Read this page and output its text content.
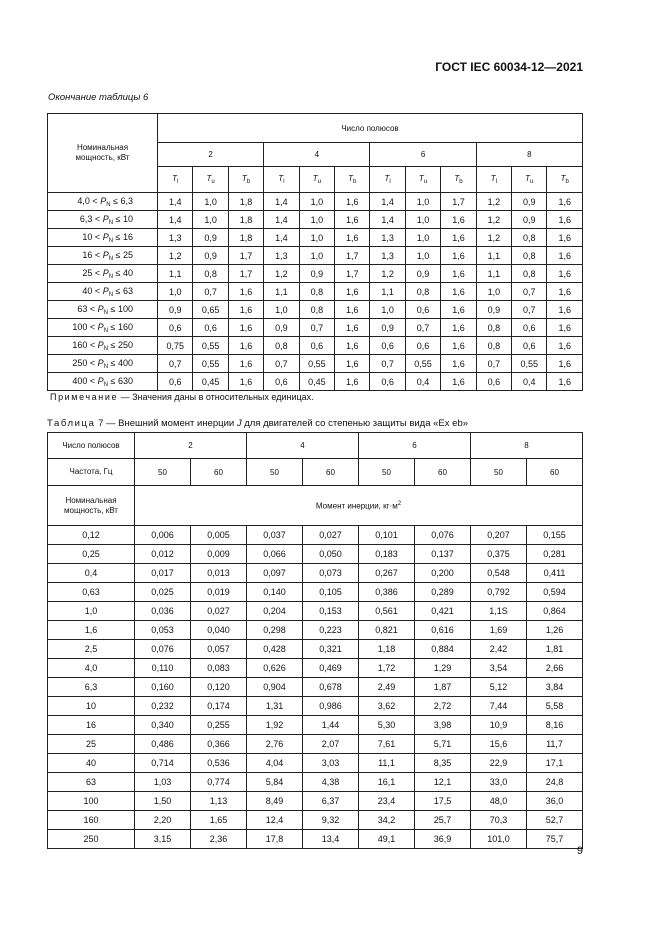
ГОСТ IEC 60034-12—2021
Окончание таблицы 6
Номинальная мощность, кВт	Число полюсов											
	2			4			6			8		
	$T_l$	$T_u$	$T_b$	$T_l$	$T_u$	$T_b$	$T_l$	$T_u$	$T_b$	$T_l$	$T_u$	$T_b$
$4,0 < P_N \le 6,3$	1,4	1,0	1,8	1,4	1,0	1,6	1,4	1,0	1,7	1,2	0,9	1,6
$6,3 < P_N \le 10$	1,4	1,0	1,8	1,4	1,0	1,6	1,4	1,0	1,6	1,2	0,9	1,6
$10 < P_N \le 16$	1,3	0,9	1,8	1,4	1,0	1,6	1,3	1,0	1,6	1,2	0,8	1,6
$16 < P_N \le 25$	1,2	0,9	1,7	1,3	1,0	1,7	1,3	1,0	1,6	1,1	0,8	1,6
$25 < P_N \le 40$	1,1	0,8	1,7	1,2	0,9	1,7	1,2	0,9	1,6	1,1	0,8	1,6
$40 < P_N \le 63$	1,0	0,7	1,6	1,1	0,8	1,6	1,1	0,8	1,6	1,0	0,7	1,6
$63 < P_N \le 100$	0,9	0,65	1,6	1,0	0,8	1,6	1,0	0,6	1,6	0,9	0,7	1,6
$100 < P_N \le 160$	0,6	0,6	1,6	0,9	0,7	1,6	0,9	0,7	1,6	0,8	0,6	1,6
$160 < P_N \le 250$	0,75	0,55	1,6	0,8	0,6	1,6	0,6	0,6	1,6	0,8	0,6	1,6
$250 < P_N \le 400$	0,7	0,55	1,6	0,7	0,55	1,6	0,7	0,55	1,6	0,7	0,55	1,6
$400 < P_N \le 630$	0,6	0,45	1,6	0,6	0,45	1,6	0,6	0,4	1,6	0,6	0,4	1,6
Примечание — Значения даны в относительных единицах.
Таблица 7 — Внешний момент инерции J для двигателей со степенью защиты вида «Ex eb»
Число полюсов	2		4		6		8	
Частота, Гц	50	60	50	60	50	60	50	60
Номинальная мощность, кВт	Момент инерции, $кг\cdot м^2$
0,12	0,006	0,005	0,037	0,027	0,101	0,076	0,207	0,155
0,25	0,012	0,009	0,066	0,050	0,183	0,137	0,375	0,281
0,4	0,017	0,013	0,097	0,073	0,267	0,200	0,548	0,411
0,63	0,025	0,019	0,140	0,105	0,386	0,289	0,792	0,594
1,0	0,036	0,027	0,204	0,153	0,561	0,421	1,1S	0,864
1,6	0,053	0,040	0,298	0,223	0,821	0,616	1,69	1,26
2,5	0,076	0,057	0,428	0,321	1,18	0,884	2,42	1,81
4,0	0,110	0,083	0,626	0,469	1,72	1,29	3,54	2,66
6,3	0,160	0,120	0,904	0,678	2,49	1,87	5,12	3,84
10	0,232	0,174	1,31	0,986	3,62	2,72	7,44	5,58
16	0,340	0,255	1,92	1,44	5,30	3,98	10,9	8,16
25	0,486	0,366	2,76	2,07	7,61	5,71	15,6	11,7
40	0,714	0,536	4,04	3,03	11,1	8,35	22,9	17,1
63	1,03	0,774	5,84	4,38	16,1	12,1	33,0	24,8
100	1,50	1,13	8,49	6,37	23,4	17,5	48,0	36,0
160	2,20	1,65	12,4	9,32	34,2	25,7	70,3	52,7
250	3,15	2,36	17,8	13,4	49,1	36,9	101,0	75,7
9
